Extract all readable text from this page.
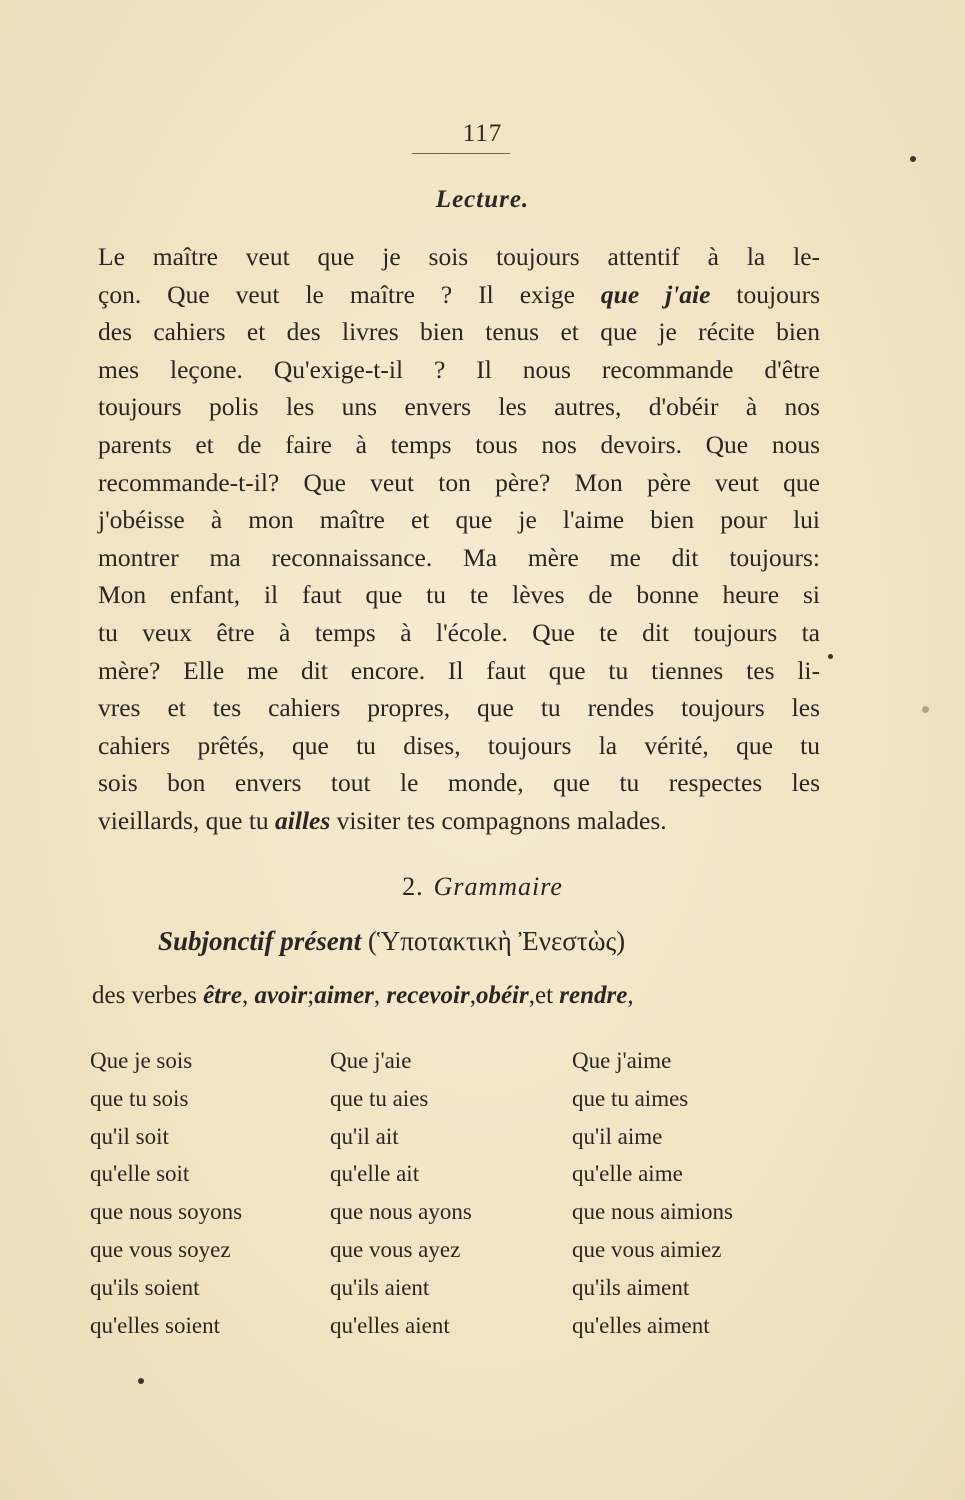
117
Lecture.
Le maître veut que je sois toujours attentif à la le-
çon. Que veut le maître ? Il exige que j'aie toujours
des cahiers et des livres bien tenus et que je récite bien
mes leçone. Qu'exige-t-il ? Il nous recommande d'être
toujours polis les uns envers les autres, d'obéir à nos
parents et de faire à temps tous nos devoirs. Que nous
recommande-t-il? Que veut ton père? Mon père veut que
j'obéisse à mon maître et que je l'aime bien pour lui
montrer ma reconnaissance. Ma mère me dit toujours:
Mon enfant, il faut que tu te lèves de bonne heure si
tu veux être à temps à l'école. Que te dit toujours ta
mère? Elle me dit encore. Il faut que tu tiennes tes li-
vres et tes cahiers propres, que tu rendes toujours les
cahiers prêtés, que tu dises, toujours la vérité, que tu
sois bon envers tout le monde, que tu respectes les
vieillards, que tu ailles visiter tes compagnons malades.
2. Grammaire
Subjonctif présent (Ὑποτακτικὴ Ἐνεστὼς)
des verbes être, avoir;aimer, recevoir,obéir,et rendre,
Que je sois
que tu sois
qu'il soit
qu'elle soit
que nous soyons
que vous soyez
qu'ils soient
qu'elles soient
Que j'aie
que tu aies
qu'il ait
qu'elle ait
que nous ayons
que vous ayez
qu'ils aient
qu'elles aient
Que j'aime
que tu aimes
qu'il aime
qu'elle aime
que nous aimions
que vous aimiez
qu'ils aiment
qu'elles aiment
